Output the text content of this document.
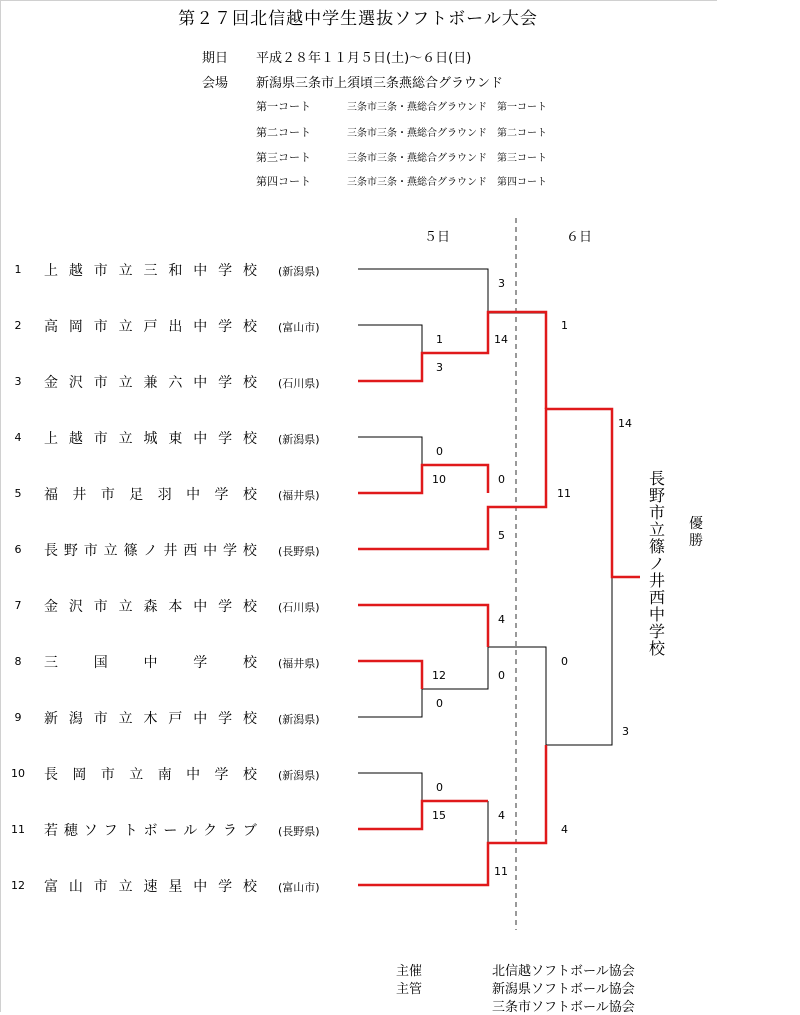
第２７回北信越中学生選抜ソフトボール大会
期日 平成２８年１１月５日(土)～６日(日)
会場 新潟県三条市上須頃三条燕総合グラウンド
第一コート	三条市三条・燕総合グラウンド　第一コート
第二コート	三条市三条・燕総合グラウンド　第二コート
第三コート	三条市三条・燕総合グラウンド　第三コート
第四コート	三条市三条・燕総合グラウンド　第四コート
５日	６日
1	上 越 市 立 三 和 中 学 校 (新潟県)
2	高 岡 市 立 戸 出 中 学 校 (富山市)
3	金 沢 市 立 兼 六 中 学 校 (石川県)
4	上 越 市 立 城 東 中 学 校 (新潟県)
5	福 井 市 足 羽 中 学 校 (福井県)
6	長 野 市 立 篠 ノ 井 西 中 学 校 (長野県)
7	金 沢 市 立 森 本 中 学 校 (石川県)
8	三	国	中	学	校 (福井県)
9	新 潟 市 立 木 戸 中 学 校 (新潟県)
10	長 岡 市 立 南 中 学 校 (新潟県)
11	若 穂 ソ フ ト ボ ー ル ク ラ ブ (長野県)
12	富 山 市 立 速 星 中 学 校 (富山市)
1
3
0
10
12
0
0
15
3
14
0
5
4
0
4
11
1
11
0
4
14
3
長
野
市
立
篠
ノ
井
西
中
学
校
優
勝
主催	北信越ソフトボール協会
主管	新潟県ソフトボール協会
三条市ソフトボール協会
